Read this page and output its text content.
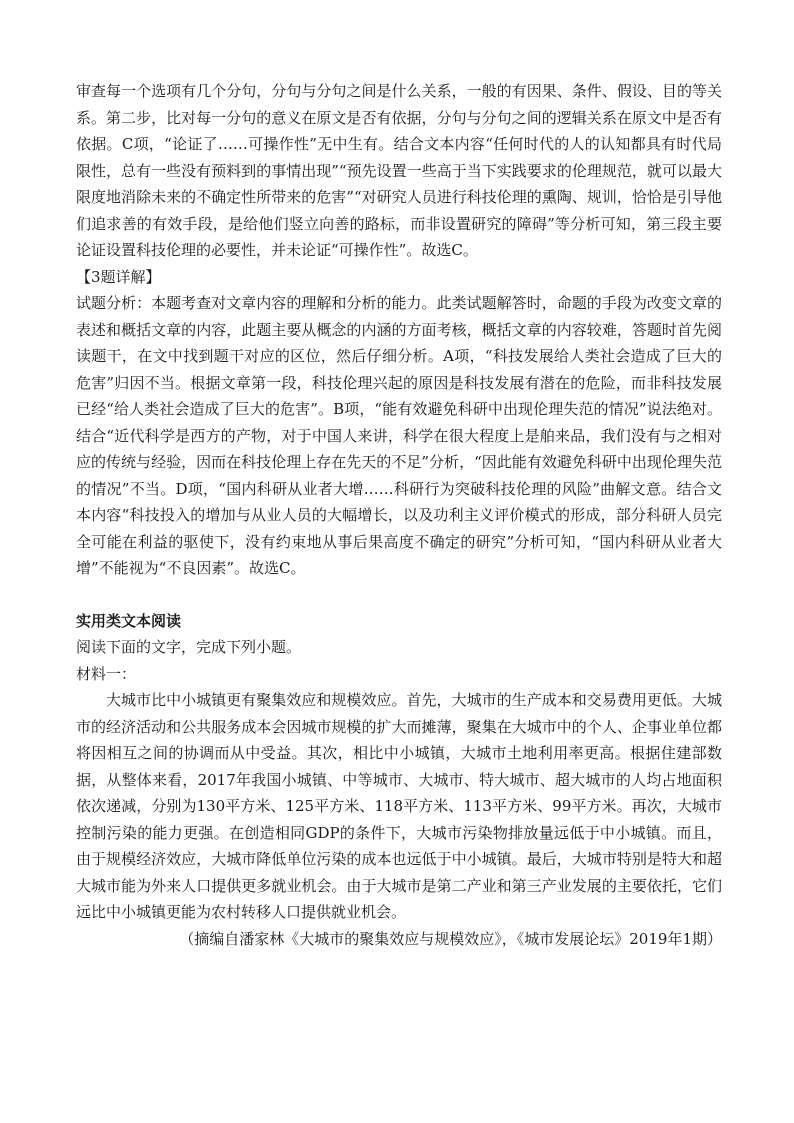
审查每一个选项有几个分句，分句与分句之间是什么关系，一般的有因果、条件、假设、目的等关系。第二步，比对每一分句的意义在原文是否有依据，分句与分句之间的逻辑关系在原文中是否有依据。C项，“论证了……可操作性”无中生有。结合文本内容“任何时代的人的认知都具有时代局限性，总有一些没有预料到的事情出现”“预先设置一些高于当下实践要求的伦理规范，就可以最大限度地消除未来的不确定性所带来的危害”“对研究人员进行科技伦理的熏陶、规训，恰恰是引导他们追求善的有效手段，是给他们竖立向善的路标，而非设置研究的障碍”等分析可知，第三段主要论证设置科技伦理的必要性，并未论证“可操作性”。故选C。

【3题详解】

试题分析：本题考查对文章内容的理解和分析的能力。此类试题解答时，命题的手段为改变文章的表述和概括文章的内容，此题主要从概念的内涵的方面考核，概括文章的内容较难，答题时首先阅读题干，在文中找到题干对应的区位，然后仔细分析。A项，“科技发展给人类社会造成了巨大的危害”归因不当。根据文章第一段，科技伦理兴起的原因是科技发展有潜在的危险，而非科技发展已经“给人类社会造成了巨大的危害”。B项，“能有效避免科研中出现伦理失范的情况”说法绝对。结合“近代科学是西方的产物，对于中国人来讲，科学在很大程度上是舶来品，我们没有与之相对应的传统与经验，因而在科技伦理上存在先天的不足”分析，“因此能有效避免科研中出现伦理失范的情况”不当。D项，“国内科研从业者大增……科研行为突破科技伦理的风险”曲解文意。结合文本内容“科技投入的增加与从业人员的大幅增长，以及功利主义评价模式的形成，部分科研人员完全可能在利益的驱使下，没有约束地从事后果高度不确定的研究”分析可知，“国内科研从业者大增”不能视为“不良因素”。故选C。

实用类文本阅读

阅读下面的文字，完成下列小题。

材料一：

大城市比中小城镇更有聚集效应和规模效应。首先，大城市的生产成本和交易费用更低。大城市的经济活动和公共服务成本会因城市规模的扩大而摊薄，聚集在大城市中的个人、企事业单位都将因相互之间的协调而从中受益。其次，相比中小城镇，大城市土地利用率更高。根据住建部数据，从整体来看，2017年我国小城镇、中等城市、大城市、特大城市、超大城市的人均占地面积依次递减，分别为130平方米、125平方米、118平方米、113平方米、99平方米。再次，大城市控制污染的能力更强。在创造相同GDP的条件下，大城市污染物排放量远低于中小城镇。而且，由于规模经济效应，大城市降低单位污染的成本也远低于中小城镇。最后，大城市特别是特大和超大城市能为外来人口提供更多就业机会。由于大城市是第二产业和第三产业发展的主要依托，它们远比中小城镇更能为农村转移人口提供就业机会。

（摘编自潘家林《大城市的聚集效应与规模效应》，《城市发展论坛》2019年1期）
